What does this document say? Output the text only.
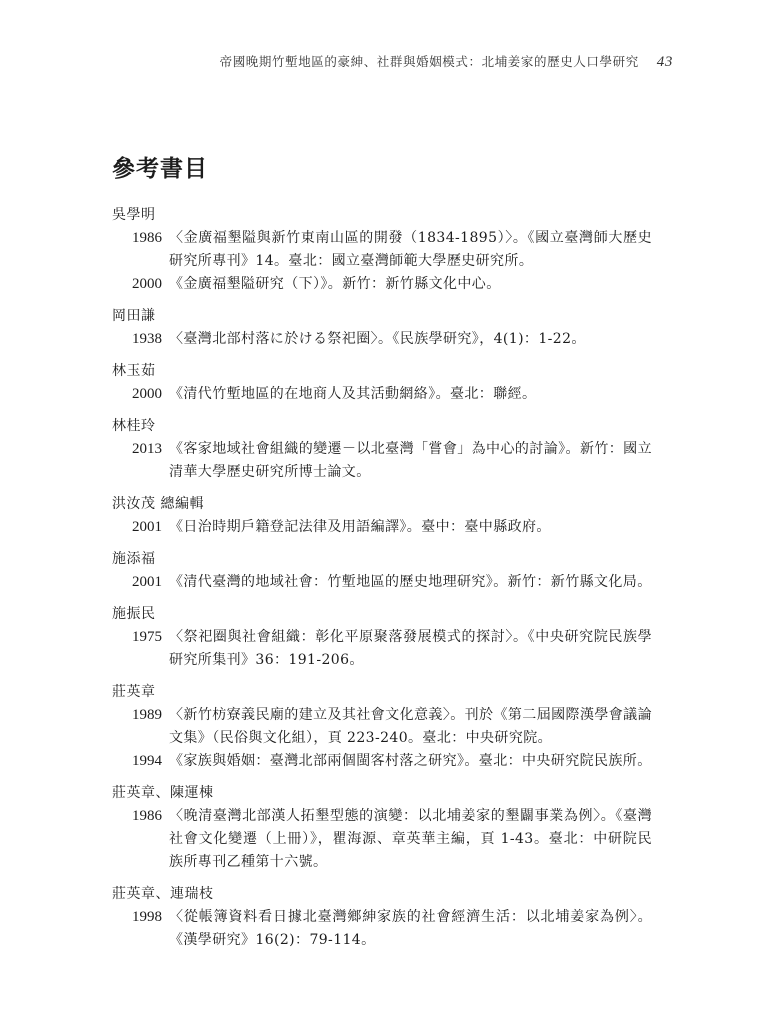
帝國晚期竹塹地區的豪紳、社群與婚姻模式：北埔姜家的歷史人口學研究 43
參考書目
吳學明
1986 〈金廣福墾隘與新竹東南山區的開發（1834-1895）〉。《國立臺灣師大歷史研究所專刊》14。臺北：國立臺灣師範大學歷史研究所。
2000 《金廣福墾隘研究（下）》。新竹：新竹縣文化中心。
岡田謙
1938 〈臺灣北部村落に於ける祭祀圈〉。《民族學研究》，4(1)：1-22。
林玉茹
2000 《清代竹塹地區的在地商人及其活動網絡》。臺北：聯經。
林桂玲
2013 《客家地域社會組織的變遷－以北臺灣「嘗會」為中心的討論》。新竹：國立清華大學歷史研究所博士論文。
洪汝茂 總編輯
2001 《日治時期戶籍登記法律及用語編譯》。臺中：臺中縣政府。
施添福
2001 《清代臺灣的地域社會：竹塹地區的歷史地理研究》。新竹：新竹縣文化局。
施振民
1975 〈祭祀圈與社會組織：彰化平原聚落發展模式的探討〉。《中央研究院民族學研究所集刊》36：191-206。
莊英章
1989 〈新竹枋寮義民廟的建立及其社會文化意義〉。刊於《第二屆國際漢學會議論文集》（民俗與文化組），頁 223-240。臺北：中央研究院。
1994 《家族與婚姻：臺灣北部兩個閩客村落之研究》。臺北：中央研究院民族所。
莊英章、陳運棟
1986 〈晚清臺灣北部漢人拓墾型態的演變：以北埔姜家的墾闢事業為例〉。《臺灣社會文化變遷（上冊）》，瞿海源、章英華主編，頁 1-43。臺北：中研院民族所專刊乙種第十六號。
莊英章、連瑞枝
1998 〈從帳簿資料看日據北臺灣鄉紳家族的社會經濟生活：以北埔姜家為例〉。《漢學研究》16(2)：79-114。
